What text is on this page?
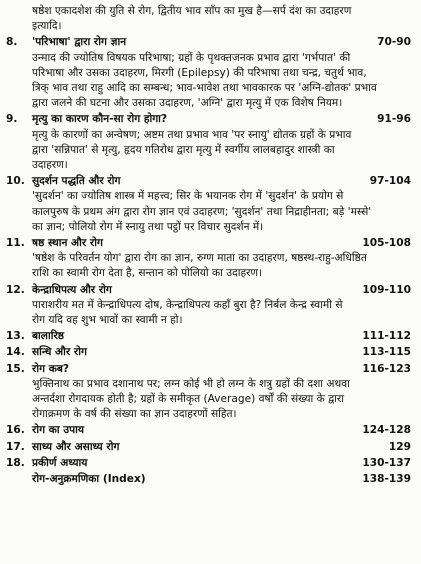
षष्ठेश एकादशेश की युति से रोग, द्वितीय भाव साँप का मुख है—सर्प दंश का उदाहरण
इत्यादि।
8.	'परिभाषा' द्वारा रोग ज्ञान	70-90

उन्माद की ज्योतिष विषयक परिभाषा; ग्रहों के पृथक्तजनक प्रभाव द्वारा 'गर्भपात' की

परिभाषा और उसका उदाहरण, मिरगी (Epilepsy) की परिभाषा तथा चन्द्र, चतुर्थ भाव,

त्रिक् भाव तथा राहु आदि का सम्बन्ध; भाव-भावेश तथा भावकारक पर 'अग्नि-द्योतक' प्रभाव

द्वारा जलने की घटना और उसका उदाहरण, 'अग्नि' द्वारा मृत्यु में एक विशेष नियम।

9.	मृत्यु का कारण कौन-सा रोग होगा?	91-96

मृत्यु के कारणों का अन्वेषण; अष्टम तथा प्रभाव भाव 'पर स्नायु' द्योतक ग्रहों के प्रभाव

द्वारा 'सन्निपात' से मृत्यु, हृदय गतिरोध द्वारा मृत्यु में स्वर्गीय लालबहादुर शास्त्री का

उदाहरण।

10. सुदर्शन पद्धति और रोग	97-104

'सुदर्शन' का ज्योतिष शास्त्र में महत्त्व; सिर के भयानक रोग में 'सुदर्शन' के प्रयोग से

कालपुरुष के प्रथम अंग द्वारा रोग ज्ञान एवं उदाहरण; 'सुदर्शन' तथा निद्राहीनता; बड़े 'मस्से'

का ज्ञान; पोलियो रोग में स्नायु तथा पट्ठों पर विचार सुदर्शन में।

11. षष्ठ स्थान और रोग	105-108

'षष्ठेश के परिवर्तन योग' द्वारा रोग का ज्ञान, रुग्ण माता का उदाहरण, षष्ठस्थ-राहु-अधिष्ठित

राशि का स्वामी रोग देता है, सन्तान को पोलियो का उदाहरण।

12. केन्द्राधिपत्य और रोग	109-110

पाराशरीय मत में केन्द्राधिपत्य दोष, केन्द्राधिपत्य कहाँ बुरा है? निर्बल केन्द्र स्वामी से

रोग यदि वह शुभ भावों का स्वामी न हो।

13. बालारिष्ठ	111-112
14. सन्धि और रोग	113-115
15. रोग कब?	116-123

भुक्तिनाथ का प्रभाव दशानाथ पर; लग्न कोई भी हो लग्न के शत्रु ग्रहों की दशा अथवा

अन्तर्दशा रोगदायक होती है; ग्रहों के समीकृत (Average) वर्षों की संख्या के द्वारा

रोगाक्रमण के वर्ष की संख्या का ज्ञान उदाहरणों सहित।

16. रोग का उपाय	124-128
17. साध्य और असाध्य रोग	129
18. प्रकीर्ण अध्याय	130-137
रोग-अनुक्रमणिका (Index)	138-139
